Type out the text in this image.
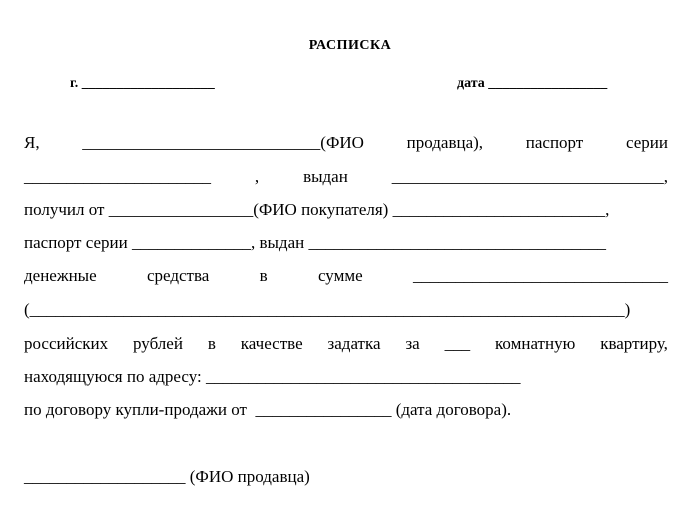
РАСПИСКА
г. ___________________	дата _________________
Я,	____________________________(ФИО	продавца),	паспорт	серии
______________________	,	выдан	________________________________,
получил от _________________(ФИО покупателя) _________________________,
паспорт серии ______________, выдан ___________________________________
денежные	средства	в	сумме	______________________________
(______________________________________________________________________)
российских рублей в качестве задатка за ___ комнатную квартиру,
находящуюся по адресу: _____________________________________
по договору купли-продажи от  ________________ (дата договора).
___________________ (ФИО продавца)
